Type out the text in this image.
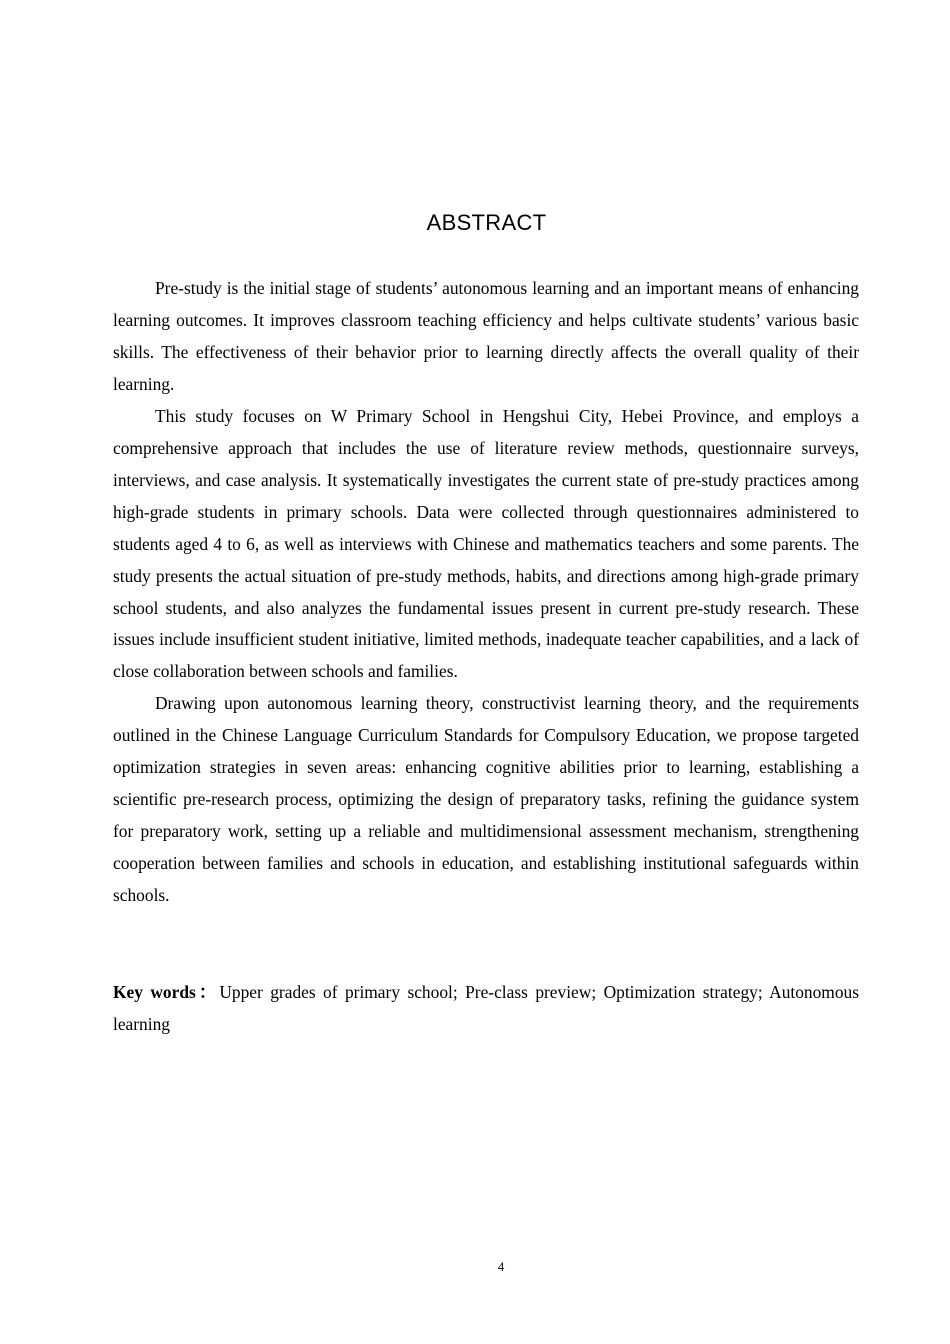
ABSTRACT

Pre-study is the initial stage of students’ autonomous learning and an important means of enhancing learning outcomes. It improves classroom teaching efficiency and helps cultivate students’ various basic skills. The effectiveness of their behavior prior to learning directly affects the overall quality of their learning.

This study focuses on W Primary School in Hengshui City, Hebei Province, and employs a comprehensive approach that includes the use of literature review methods, questionnaire surveys, interviews, and case analysis. It systematically investigates the current state of pre-study practices among high-grade students in primary schools. Data were collected through questionnaires administered to students aged 4 to 6, as well as interviews with Chinese and mathematics teachers and some parents. The study presents the actual situation of pre-study methods, habits, and directions among high-grade primary school students, and also analyzes the fundamental issues present in current pre-study research. These issues include insufficient student initiative, limited methods, inadequate teacher capabilities, and a lack of close collaboration between schools and families.

Drawing upon autonomous learning theory, constructivist learning theory, and the requirements outlined in the Chinese Language Curriculum Standards for Compulsory Education, we propose targeted optimization strategies in seven areas: enhancing cognitive abilities prior to learning, establishing a scientific pre-research process, optimizing the design of preparatory tasks, refining the guidance system for preparatory work, setting up a reliable and multidimensional assessment mechanism, strengthening cooperation between families and schools in education, and establishing institutional safeguards within schools.

Key words：Upper grades of primary school; Pre-class preview; Optimization strategy; Autonomous learning

4
